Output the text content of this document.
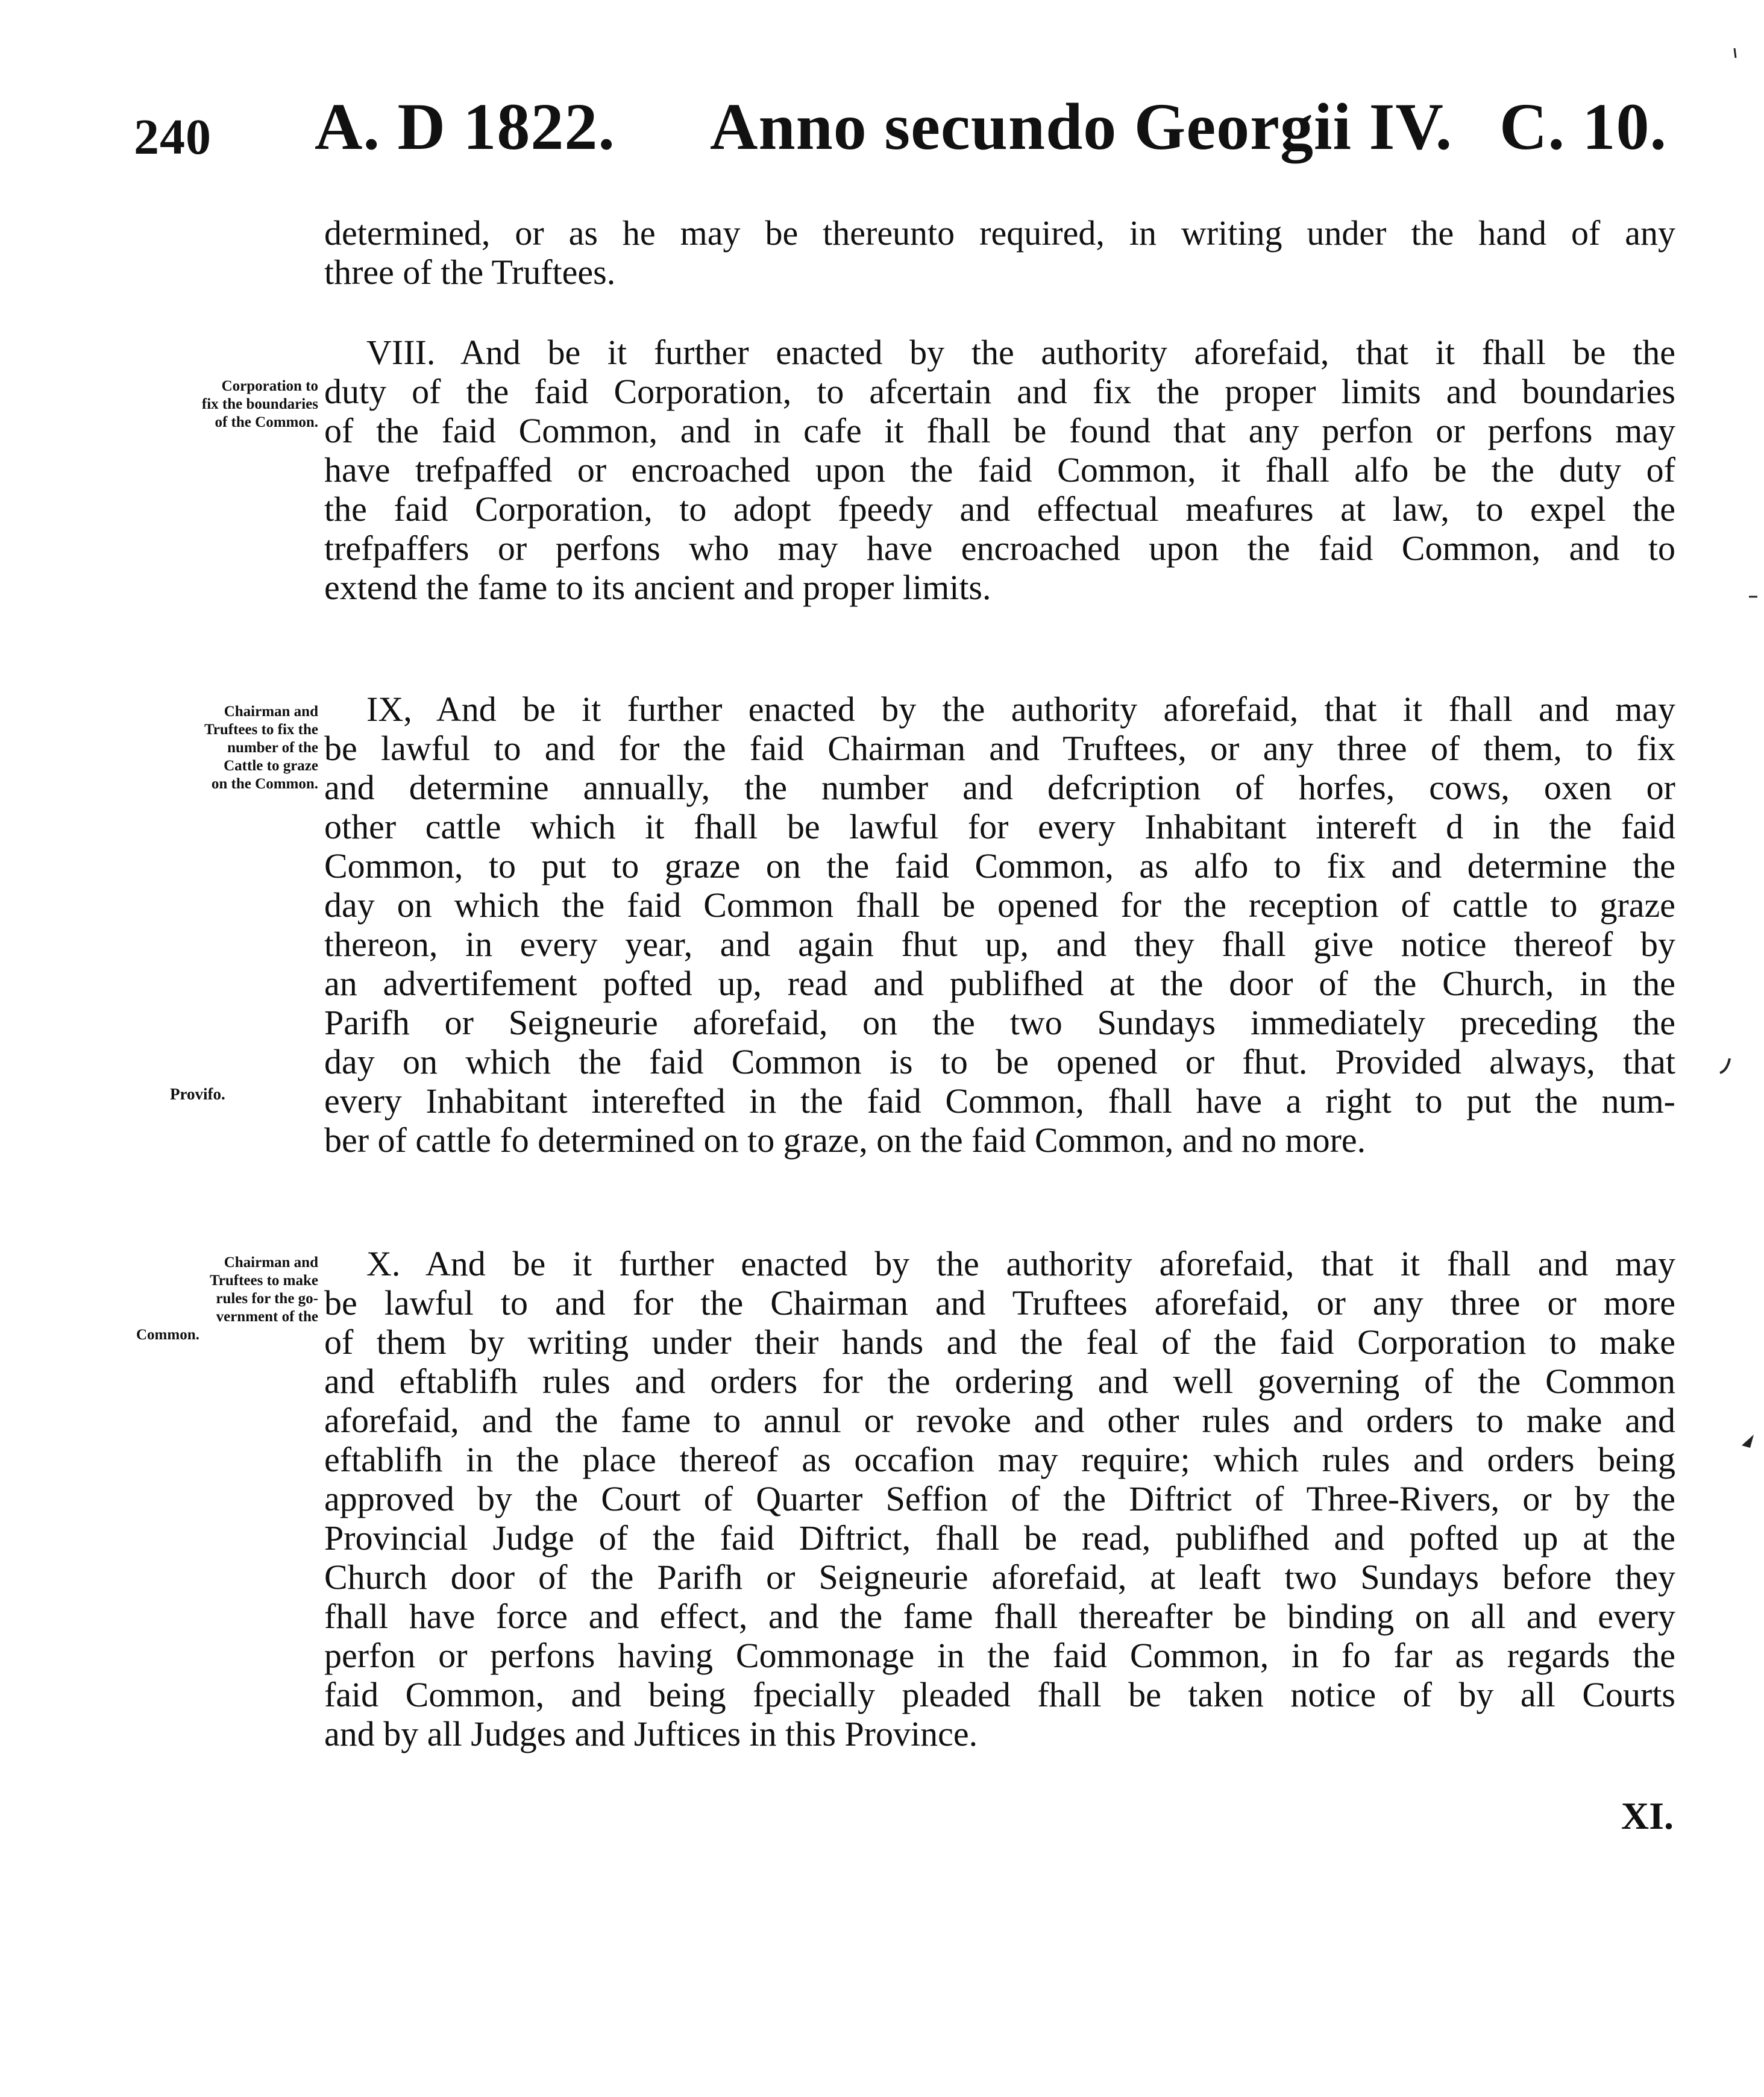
240 A. D 1822. Anno secundo Georgii IV. C. 10.
determined, or as he may be thereunto required, in writing under the hand of any
three of the Truftees.
Corporation to
fix the boundaries
of the Common.
VIII. And be it further enacted by the authority aforefaid, that it fhall be the
duty of the faid Corporation, to afcertain and fix the proper limits and boundaries
of the faid Common, and in cafe it fhall be found that any perfon or perfons may
have trefpaffed or encroached upon the faid Common, it fhall alfo be the duty of
the faid Corporation, to adopt fpeedy and effectual meafures at law, to expel the
trefpaffers or perfons who may have encroached upon the faid Common, and to
extend the fame to its ancient and proper limits.
Chairman and
Truftees to fix the
number of the
Cattle to graze
on the Common.
Provifo.
IX, And be it further enacted by the authority aforefaid, that it fhall and may
be lawful to and for the faid Chairman and Truftees, or any three of them, to fix
and determine annually, the number and defcription of horfes, cows, oxen or
other cattle which it fhall be lawful for every Inhabitant intereft d in the faid
Common, to put to graze on the faid Common, as alfo to fix and determine the
day on which the faid Common fhall be opened for the reception of cattle to graze
thereon, in every year, and again fhut up, and they fhall give notice thereof by
an advertifement pofted up, read and publifhed at the door of the Church, in the
Parifh or Seigneurie aforefaid, on the two Sundays immediately preceding the
day on which the faid Common is to be opened or fhut. Provided always, that
every Inhabitant interefted in the faid Common, fhall have a right to put the num-
ber of cattle fo determined on to graze, on the faid Common, and no more.
Chairman and
Truftees to make
rules for the go-
vernment of the
Common.
X. And be it further enacted by the authority aforefaid, that it fhall and may
be lawful to and for the Chairman and Truftees aforefaid, or any three or more
of them by writing under their hands and the feal of the faid Corporation to make
and eftablifh rules and orders for the ordering and well governing of the Common
aforefaid, and the fame to annul or revoke and other rules and orders to make and
eftablifh in the place thereof as occafion may require; which rules and orders being
approved by the Court of Quarter Seffion of the Diftrict of Three-Rivers, or by the
Provincial Judge of the faid Diftrict, fhall be read, publifhed and pofted up at the
Church door of the Parifh or Seigneurie aforefaid, at leaft two Sundays before they
fhall have force and effect, and the fame fhall thereafter be binding on all and every
perfon or perfons having Commonage in the faid Common, in fo far as regards the
faid Common, and being fpecially pleaded fhall be taken notice of by all Courts
and by all Judges and Juftices in this Province.
XI.
